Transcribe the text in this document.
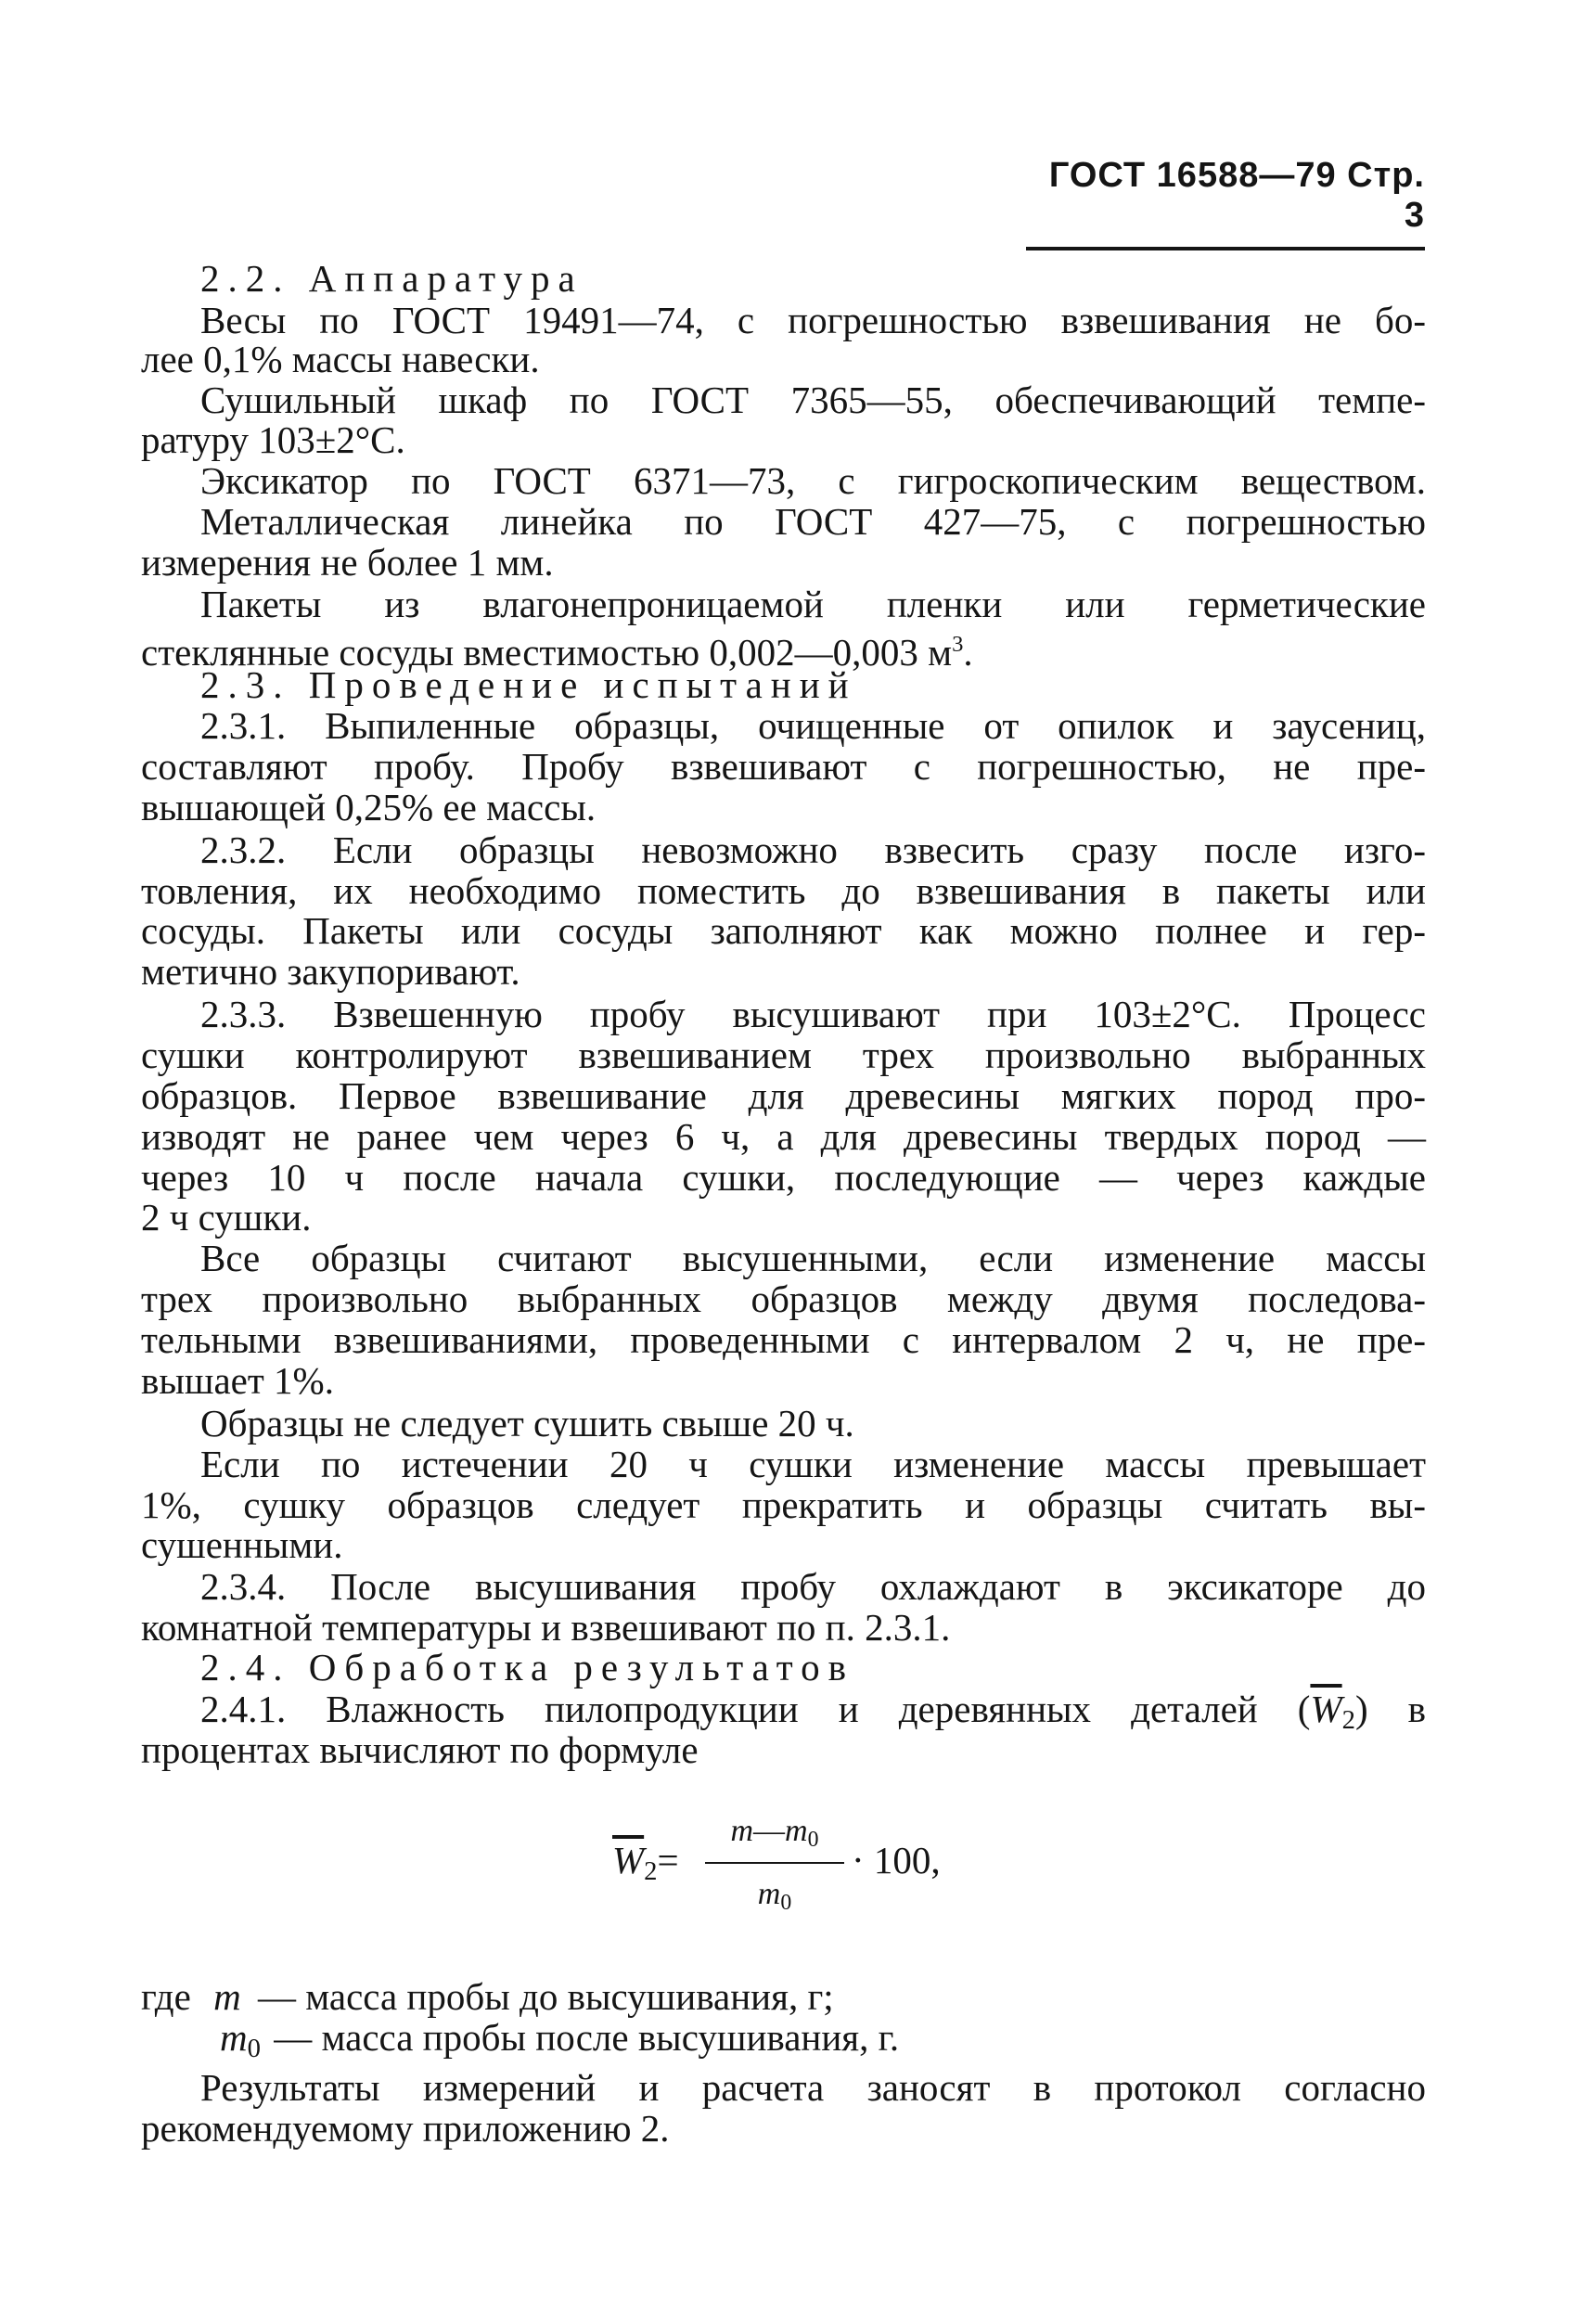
ГОСТ 16588—79 Стр. 3
2.2. Аппаратура
Весы по ГОСТ 19491—74, с погрешностью взвешивания не бо-
лее 0,1% массы навески.
Сушильный шкаф по ГОСТ 7365—55, обеспечивающий темпе-
ратуру 103±2°С.
Эксикатор по ГОСТ 6371—73, с гигроскопическим веществом.
Металлическая линейка по ГОСТ 427—75, с погрешностью
измерения не более 1 мм.
Пакеты из влагонепроницаемой пленки или герметические
стеклянные сосуды вместимостью 0,002—0,003 $м^3$.
2.3. Проведение испытаний
2.3.1. Выпиленные образцы, очищенные от опилок и заусениц,
составляют пробу. Пробу взвешивают с погрешностью, не пре-
вышающей 0,25% ее массы.
2.3.2. Если образцы невозможно взвесить сразу после изго-
товления, их необходимо поместить до взвешивания в пакеты или
сосуды. Пакеты или сосуды заполняют как можно полнее и гер-
метично закупоривают.
2.3.3. Взвешенную пробу высушивают при 103±2°С. Процесс
сушки контролируют взвешиванием трех произвольно выбранных
образцов. Первое взвешивание для древесины мягких пород про-
изводят не ранее чем через 6 ч, а для древесины твердых пород —
через 10 ч после начала сушки, последующие — через каждые
2 ч сушки.
Все образцы считают высушенными, если изменение массы
трех произвольно выбранных образцов между двумя последова-
тельными взвешиваниями, проведенными с интервалом 2 ч, не пре-
вышает 1%.
Образцы не следует сушить свыше 20 ч.
Если по истечении 20 ч сушки изменение массы превышает
1%, сушку образцов следует прекратить и образцы считать вы-
сушенными.
2.3.4. После высушивания пробу охлаждают в эксикаторе до
комнатной температуры и взвешивают по п. 2.3.1.
2.4. Обработка результатов
2.4.1. Влажность пилопродукции и деревянных деталей $(\overline{W}_2)$ в
процентах вычисляют по формуле
$\overline{W}_2=$
$m—m_0$
$m_0$
· 100,
где m — масса пробы до высушивания, г;
$m_0$ — масса пробы после высушивания, г.
Результаты измерений и расчета заносят в протокол согласно
рекомендуемому приложению 2.
